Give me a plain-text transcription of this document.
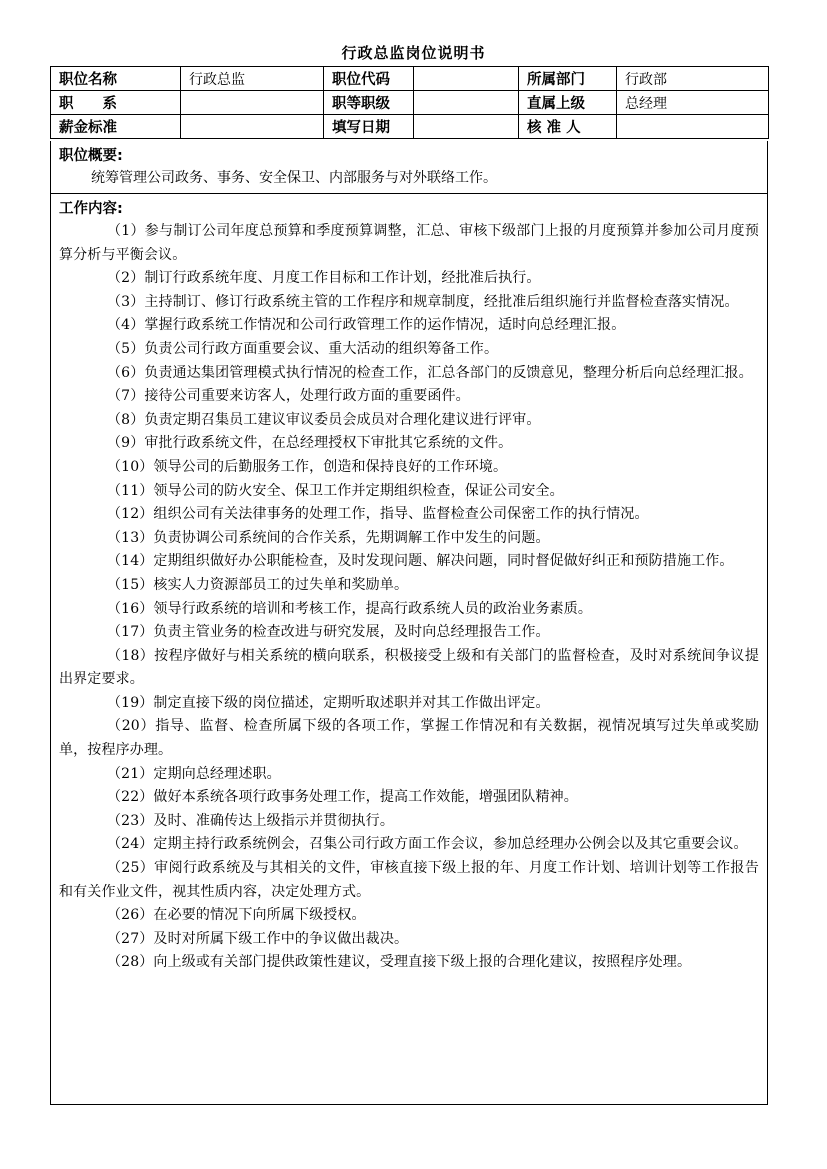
行政总监岗位说明书
职位名称	行政总监	职位代码		所属部门	行政部
职　　系		职等职级		直属上级	总经理
薪金标准		填写日期		核 准 人	
职位概要:
统筹管理公司政务、事务、安全保卫、内部服务与对外联络工作。
工作内容:
（1）参与制订公司年度总预算和季度预算调整，汇总、审核下级部门上报的月度预算并参加公司月度预算分析与平衡会议。
（2）制订行政系统年度、月度工作目标和工作计划，经批准后执行。
（3）主持制订、修订行政系统主管的工作程序和规章制度，经批准后组织施行并监督检查落实情况。
（4）掌握行政系统工作情况和公司行政管理工作的运作情况，适时向总经理汇报。
（5）负责公司行政方面重要会议、重大活动的组织筹备工作。
（6）负责通达集团管理模式执行情况的检查工作，汇总各部门的反馈意见，整理分析后向总经理汇报。
（7）接待公司重要来访客人，处理行政方面的重要函件。
（8）负责定期召集员工建议审议委员会成员对合理化建议进行评审。
（9）审批行政系统文件，在总经理授权下审批其它系统的文件。
（10）领导公司的后勤服务工作，创造和保持良好的工作环境。
（11）领导公司的防火安全、保卫工作并定期组织检查，保证公司安全。
（12）组织公司有关法律事务的处理工作，指导、监督检查公司保密工作的执行情况。
（13）负责协调公司系统间的合作关系，先期调解工作中发生的问题。
（14）定期组织做好办公职能检查，及时发现问题、解决问题，同时督促做好纠正和预防措施工作。
（15）核实人力资源部员工的过失单和奖励单。
（16）领导行政系统的培训和考核工作，提高行政系统人员的政治业务素质。
（17）负责主管业务的检查改进与研究发展，及时向总经理报告工作。
（18）按程序做好与相关系统的横向联系，积极接受上级和有关部门的监督检查，及时对系统间争议提出界定要求。
（19）制定直接下级的岗位描述，定期听取述职并对其工作做出评定。
（20）指导、监督、检查所属下级的各项工作，掌握工作情况和有关数据，视情况填写过失单或奖励单，按程序办理。
（21）定期向总经理述职。
（22）做好本系统各项行政事务处理工作，提高工作效能，增强团队精神。
（23）及时、准确传达上级指示并贯彻执行。
（24）定期主持行政系统例会，召集公司行政方面工作会议，参加总经理办公例会以及其它重要会议。
（25）审阅行政系统及与其相关的文件，审核直接下级上报的年、月度工作计划、培训计划等工作报告和有关作业文件，视其性质内容，决定处理方式。
（26）在必要的情况下向所属下级授权。
（27）及时对所属下级工作中的争议做出裁决。
（28）向上级或有关部门提供政策性建议，受理直接下级上报的合理化建议，按照程序处理。
